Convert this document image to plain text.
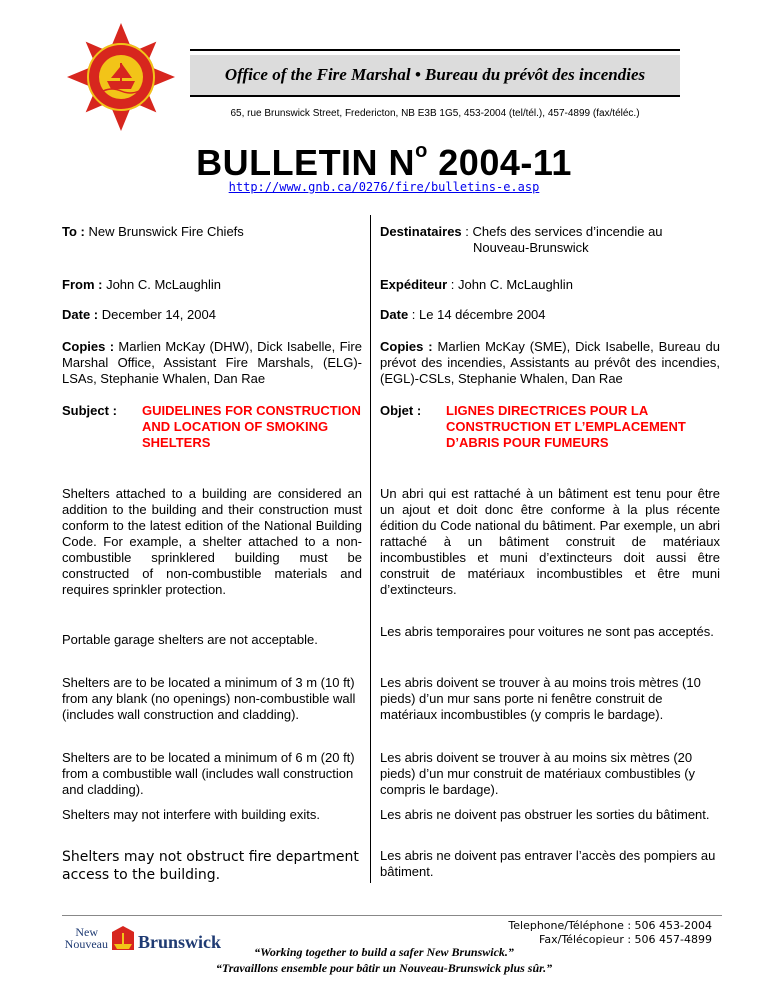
Office of the Fire Marshal • Bureau du prévôt des incendies
65, rue Brunswick Street, Fredericton, NB E3B 1G5, 453-2004 (tel/tél.), 457-4899 (fax/téléc.)
BULLETIN $N^o$ 2004-11
http://www.gnb.ca/0276/fire/bulletins-e.asp
To : New Brunswick Fire Chiefs
From : John C. McLaughlin
Date : December 14, 2004
Copies : Marlien McKay (DHW), Dick Isabelle, Fire Marshal Office, Assistant Fire Marshals, (ELG)-LSAs, Stephanie Whalen, Dan Rae
Subject :	GUIDELINES FOR CONSTRUCTION AND LOCATION OF SMOKING SHELTERS
Shelters attached to a building are considered an addition to the building and their construction must conform to the latest edition of the National Building Code. For example, a shelter attached to a non-combustible sprinklered building must be constructed of non-combustible materials and requires sprinkler protection.
Portable garage shelters are not acceptable.
Shelters are to be located a minimum of 3 m (10 ft) from any blank (no openings) non-combustible wall (includes wall construction and cladding).
Shelters are to be located a minimum of 6 m (20 ft) from a combustible wall (includes wall construction and cladding).
Shelters may not interfere with building exits.
Shelters may not obstruct fire department access to the building.
Destinataires : Chefs des services d’incendie au
Nouveau-Brunswick
Expéditeur : John C. McLaughlin
Date : Le 14 décembre 2004
Copies : Marlien McKay (SME), Dick Isabelle, Bureau du prévot des incendies, Assistants au prévôt des incendies, (EGL)-CSLs, Stephanie Whalen, Dan Rae
Objet :	LIGNES DIRECTRICES POUR LA CONSTRUCTION ET L’EMPLACEMENT D’ABRIS POUR FUMEURS
Un abri qui est rattaché à un bâtiment est tenu pour être un ajout et doit donc être conforme à la plus récente édition du Code national du bâtiment. Par exemple, un abri rattaché à un bâtiment construit de matériaux incombustibles et muni d’extincteurs doit aussi être construit de matériaux incombustibles et être muni d’extincteurs.
Les abris temporaires pour voitures ne sont pas acceptés.
Les abris doivent se trouver à au moins trois mètres (10 pieds) d’un mur sans porte ni fenêtre construit de matériaux incombustibles (y compris le bardage).
Les abris doivent se trouver à au moins six mètres (20 pieds) d’un mur construit de matériaux combustibles (y compris le bardage).
Les abris ne doivent pas obstruer les sorties du bâtiment.
Les abris ne doivent pas entraver l’accès des pompiers au bâtiment.
New
Nouveau Brunswick
Telephone/Téléphone : 506 453-2004
Fax/Télécopieur : 506 457-4899
“Working together to build a safer New Brunswick.”
“Travaillons ensemble pour bâtir un Nouveau-Brunswick plus sûr.”
